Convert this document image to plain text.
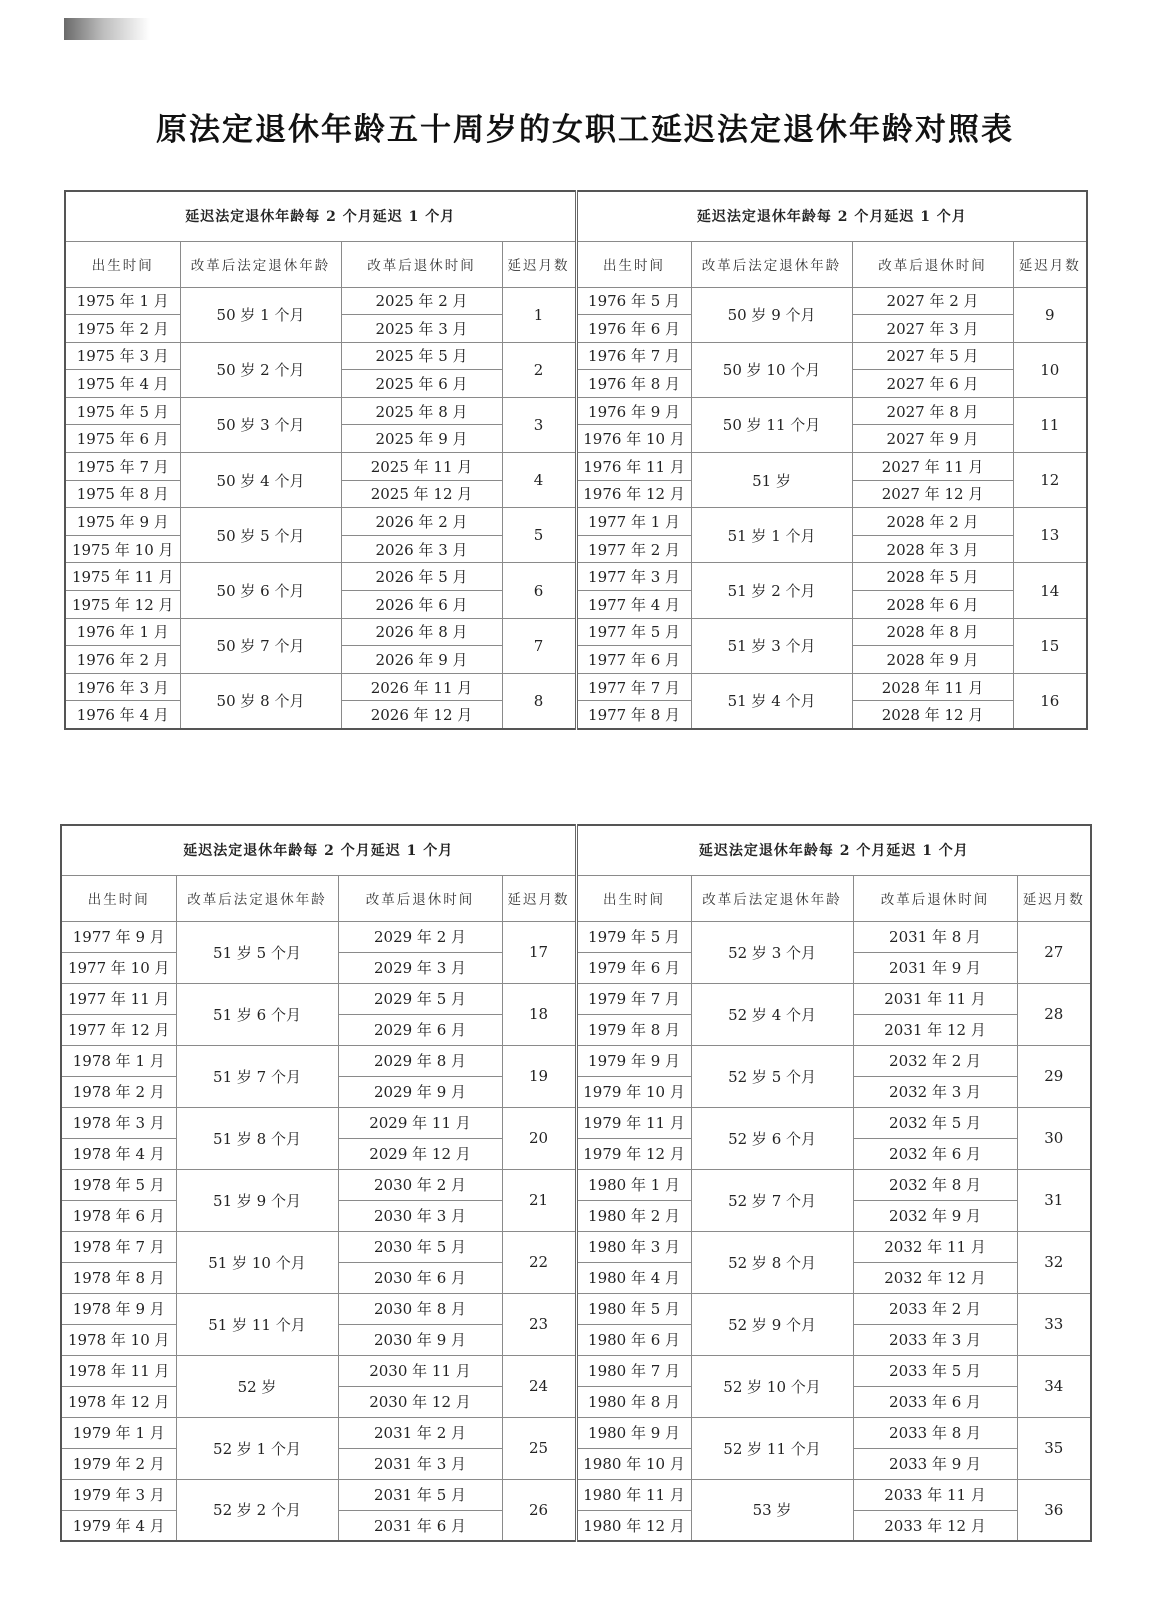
原法定退休年龄五十周岁的女职工延迟法定退休年龄对照表
延迟法定退休年龄每 2 个月延迟 1 个月				延迟法定退休年龄每 2 个月延迟 1 个月			
出生时间	改革后法定退休年龄	改革后退休时间	延迟月数	出生时间	改革后法定退休年龄	改革后退休时间	延迟月数
1975 年 1 月	50 岁 1 个月	2025 年 2 月	1	1976 年 5 月	50 岁 9 个月	2027 年 2 月	9
1975 年 2 月		2025 年 3 月		1976 年 6 月		2027 年 3 月	
1975 年 3 月	50 岁 2 个月	2025 年 5 月	2	1976 年 7 月	50 岁 10 个月	2027 年 5 月	10
1975 年 4 月		2025 年 6 月		1976 年 8 月		2027 年 6 月	
1975 年 5 月	50 岁 3 个月	2025 年 8 月	3	1976 年 9 月	50 岁 11 个月	2027 年 8 月	11
1975 年 6 月		2025 年 9 月		1976 年 10 月		2027 年 9 月	
1975 年 7 月	50 岁 4 个月	2025 年 11 月	4	1976 年 11 月	51 岁	2027 年 11 月	12
1975 年 8 月		2025 年 12 月		1976 年 12 月		2027 年 12 月	
1975 年 9 月	50 岁 5 个月	2026 年 2 月	5	1977 年 1 月	51 岁 1 个月	2028 年 2 月	13
1975 年 10 月		2026 年 3 月		1977 年 2 月		2028 年 3 月	
1975 年 11 月	50 岁 6 个月	2026 年 5 月	6	1977 年 3 月	51 岁 2 个月	2028 年 5 月	14
1975 年 12 月		2026 年 6 月		1977 年 4 月		2028 年 6 月	
1976 年 1 月	50 岁 7 个月	2026 年 8 月	7	1977 年 5 月	51 岁 3 个月	2028 年 8 月	15
1976 年 2 月		2026 年 9 月		1977 年 6 月		2028 年 9 月	
1976 年 3 月	50 岁 8 个月	2026 年 11 月	8	1977 年 7 月	51 岁 4 个月	2028 年 11 月	16
1976 年 4 月		2026 年 12 月		1977 年 8 月		2028 年 12 月	
延迟法定退休年龄每 2 个月延迟 1 个月				延迟法定退休年龄每 2 个月延迟 1 个月			
出生时间	改革后法定退休年龄	改革后退休时间	延迟月数	出生时间	改革后法定退休年龄	改革后退休时间	延迟月数
1977 年 9 月	51 岁 5 个月	2029 年 2 月	17	1979 年 5 月	52 岁 3 个月	2031 年 8 月	27
1977 年 10 月		2029 年 3 月		1979 年 6 月		2031 年 9 月	
1977 年 11 月	51 岁 6 个月	2029 年 5 月	18	1979 年 7 月	52 岁 4 个月	2031 年 11 月	28
1977 年 12 月		2029 年 6 月		1979 年 8 月		2031 年 12 月	
1978 年 1 月	51 岁 7 个月	2029 年 8 月	19	1979 年 9 月	52 岁 5 个月	2032 年 2 月	29
1978 年 2 月		2029 年 9 月		1979 年 10 月		2032 年 3 月	
1978 年 3 月	51 岁 8 个月	2029 年 11 月	20	1979 年 11 月	52 岁 6 个月	2032 年 5 月	30
1978 年 4 月		2029 年 12 月		1979 年 12 月		2032 年 6 月	
1978 年 5 月	51 岁 9 个月	2030 年 2 月	21	1980 年 1 月	52 岁 7 个月	2032 年 8 月	31
1978 年 6 月		2030 年 3 月		1980 年 2 月		2032 年 9 月	
1978 年 7 月	51 岁 10 个月	2030 年 5 月	22	1980 年 3 月	52 岁 8 个月	2032 年 11 月	32
1978 年 8 月		2030 年 6 月		1980 年 4 月		2032 年 12 月	
1978 年 9 月	51 岁 11 个月	2030 年 8 月	23	1980 年 5 月	52 岁 9 个月	2033 年 2 月	33
1978 年 10 月		2030 年 9 月		1980 年 6 月		2033 年 3 月	
1978 年 11 月	52 岁	2030 年 11 月	24	1980 年 7 月	52 岁 10 个月	2033 年 5 月	34
1978 年 12 月		2030 年 12 月		1980 年 8 月		2033 年 6 月	
1979 年 1 月	52 岁 1 个月	2031 年 2 月	25	1980 年 9 月	52 岁 11 个月	2033 年 8 月	35
1979 年 2 月		2031 年 3 月		1980 年 10 月		2033 年 9 月	
1979 年 3 月	52 岁 2 个月	2031 年 5 月	26	1980 年 11 月	53 岁	2033 年 11 月	36
1979 年 4 月		2031 年 6 月		1980 年 12 月		2033 年 12 月	
